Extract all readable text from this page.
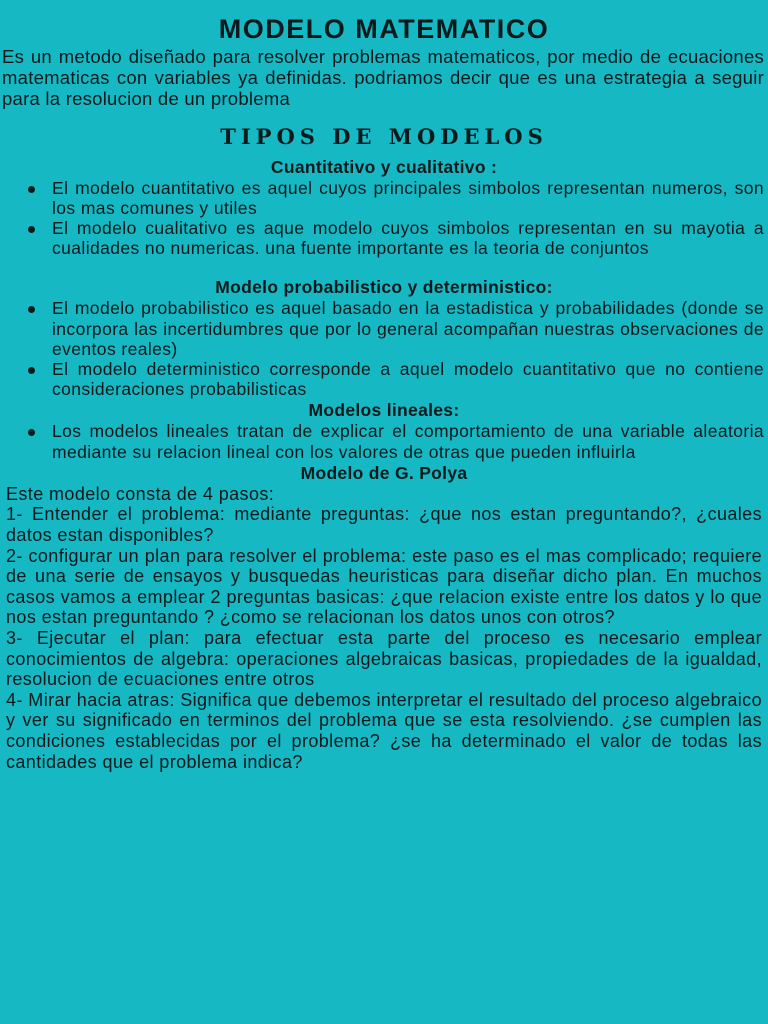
MODELO MATEMATICO

Es un metodo diseñado para resolver problemas matematicos, por medio de ecuaciones matematicas con variables ya definidas. podriamos decir que es una estrategia a seguir para la resolucion de un problema

TIPOS DE MODELOS
Cuantitativo y cualitativo :
El modelo cuantitativo es aquel cuyos principales simbolos representan numeros, son los mas comunes y utiles
El modelo cualitativo es aque modelo cuyos simbolos representan en su mayotia a cualidades no numericas. una fuente importante es la teoria de conjuntos
Modelo probabilistico y deterministico:
El modelo probabilistico es aquel basado en la estadistica y probabilidades (donde se incorpora las incertidumbres que por lo general acompañan nuestras observaciones de eventos reales)
El modelo deterministico corresponde a aquel modelo cuantitativo que no contiene consideraciones probabilisticas
Modelos lineales:
Los modelos lineales tratan de explicar el comportamiento de una variable aleatoria mediante su relacion lineal con los valores de otras que pueden influirla
Modelo de G. Polya

Este modelo consta de 4 pasos:

1- Entender el problema: mediante preguntas: ¿que nos estan preguntando?, ¿cuales datos estan disponibles?

2- configurar un plan para resolver el problema: este paso es el mas complicado; requiere de una serie de ensayos y busquedas heuristicas para diseñar dicho plan. En muchos casos vamos a emplear 2 preguntas basicas: ¿que relacion existe entre los datos y lo que nos estan preguntando ? ¿como se relacionan los datos unos con otros?

3- Ejecutar el plan: para efectuar esta parte del proceso es necesario emplear conocimientos de algebra: operaciones algebraicas basicas, propiedades de la igualdad, resolucion de ecuaciones entre otros

4- Mirar hacia atras: Significa que debemos interpretar el resultado del proceso algebraico y ver su significado en terminos del problema que se esta resolviendo. ¿se cumplen las condiciones establecidas por el problema? ¿se ha determinado el valor de todas las cantidades que el problema indica?
